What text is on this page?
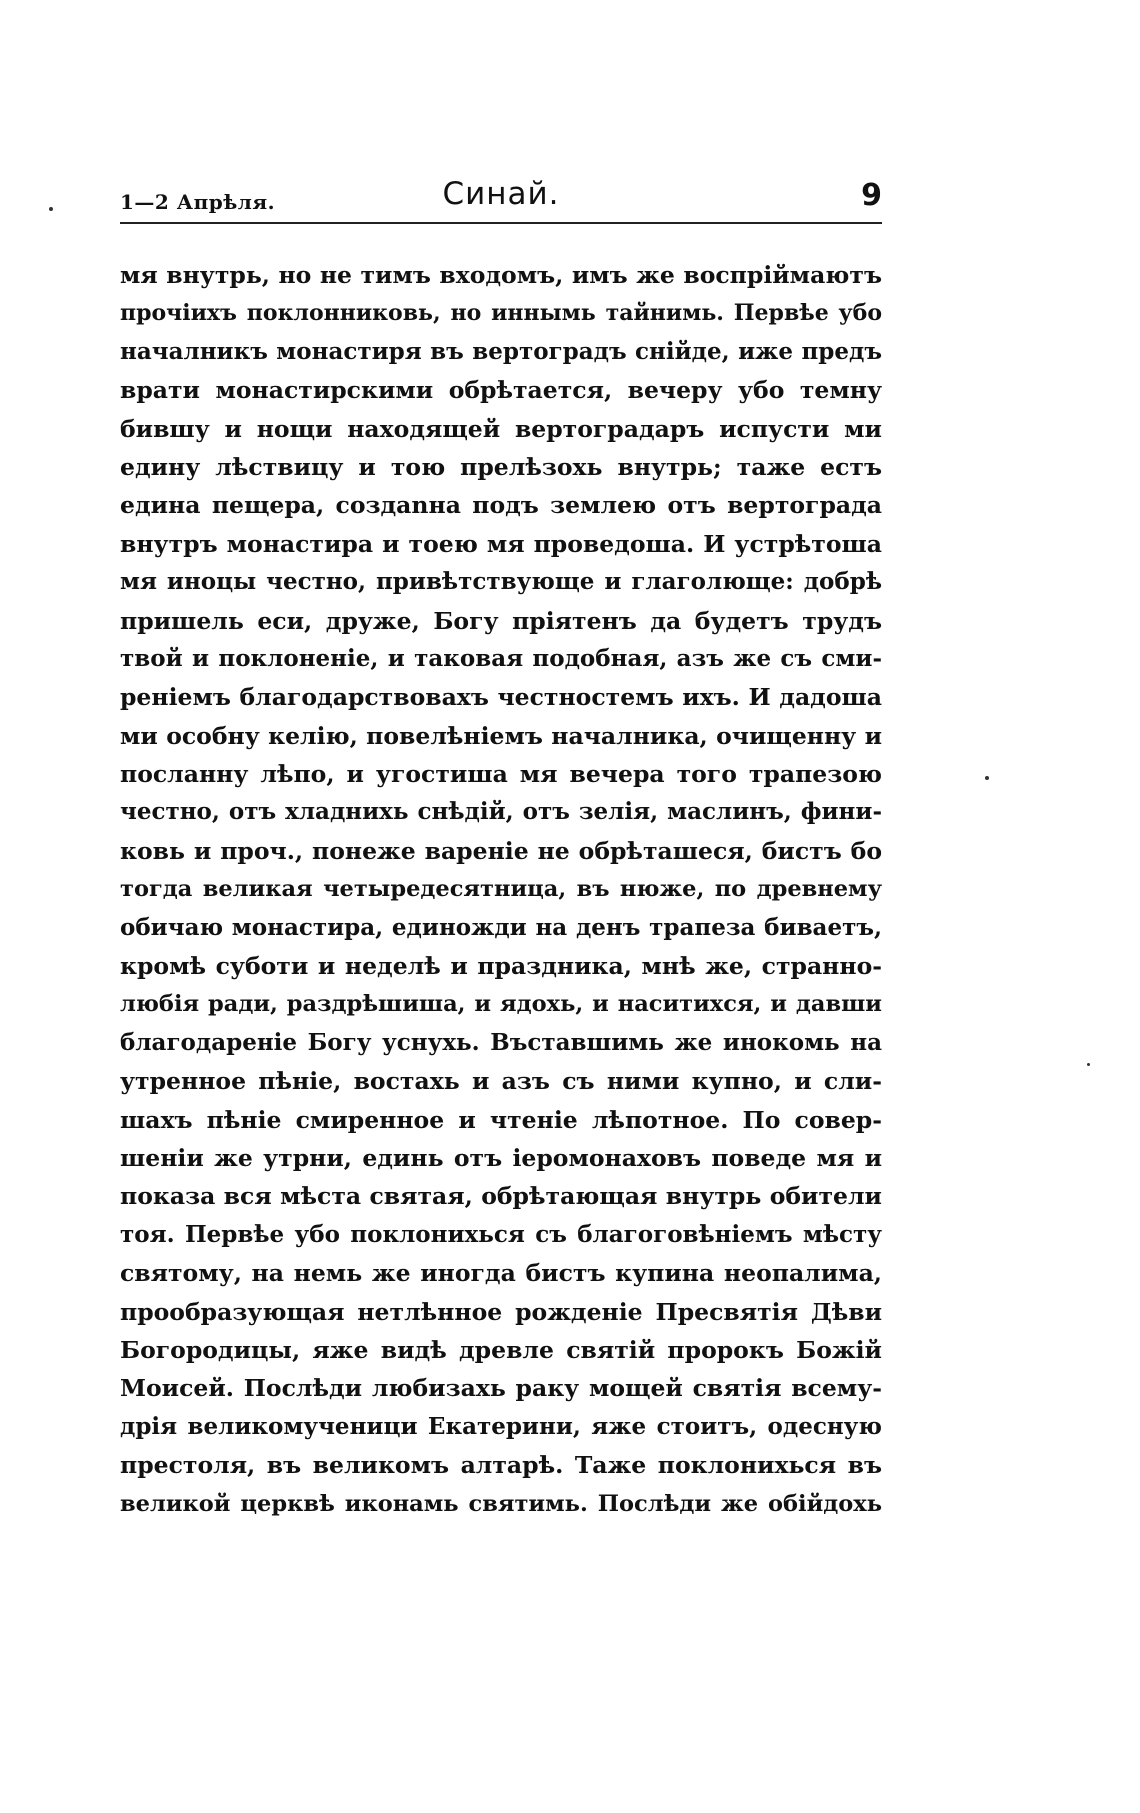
1—2 Апрѣля.	Синай.	9
мя внутрь, но не тимъ входомъ, имъ же воспріймаютъ
прочіихъ поклонниковь, но иннымь тайнимь. Первѣе убо
началникъ монастиря въ вертоградъ снійде, иже предъ
врати монастирскими обрѣтается, вечеру убо темну
бившу и нощи находящей вертоградаръ испусти ми
едину лѣствицу и тою прелѣзохь внутрь; таже естъ
едина пещера, создanна подъ землею отъ вертограда
внутръ монастира и тоею мя проведоша. И устрѣтоша
мя иноцы честно, привѣтствующе и глаголюще: добрѣ
пришель еси, друже, Богу пріятенъ да будетъ трудъ
твой и поклоненіе, и таковая подобная, азъ же съ сми-
реніемъ благодарствовахъ честностемъ ихъ. И дадоша
ми особну келію, повелѣніемъ началника, очищенну и
посланну лѣпо, и угостиша мя вечера того трапезою
честно, отъ хладнихь снѣдій, отъ зелія, маслинъ, фини-
ковь и проч., понеже вареніе не обрѣташеся, бистъ бо
тогда великая четыредесятница, въ нюже, по древнему
обичаю монастира, единожди на денъ трапеза биваетъ,
кромѣ суботи и неделѣ и праздника, мнѣ же, странно-
любія ради, раздрѣшиша, и ядохь, и наситихся, и давши
благодареніе Богу уснухь. Въставшимь же инокомь на
утренное пѣніе, востахь и азъ съ ними купно, и сли-
шахъ пѣніе смиренное и чтеніе лѣпотное. По совер-
шеніи же утрни, единь отъ іеромонаховъ поведе мя и
показа вся мѣста святая, обрѣтающая внутрь обители
тоя. Первѣе убо поклонихься съ благоговѣніемъ мѣсту
святому, на немь же иногда бистъ купина неопалима,
прообразующая нетлѣнное рожденіе Пресвятія Дѣви
Богородицы, яже видѣ древле святій пророкъ Божій
Моисей. Послѣди любизахь раку мощей святія всему-
дрія великомученици Екатерини, яже стоитъ, одесную
престоля, въ великомъ алтарѣ. Таже поклонихься въ
великой церквѣ иконамь святимь. Послѣди же обійдохь
